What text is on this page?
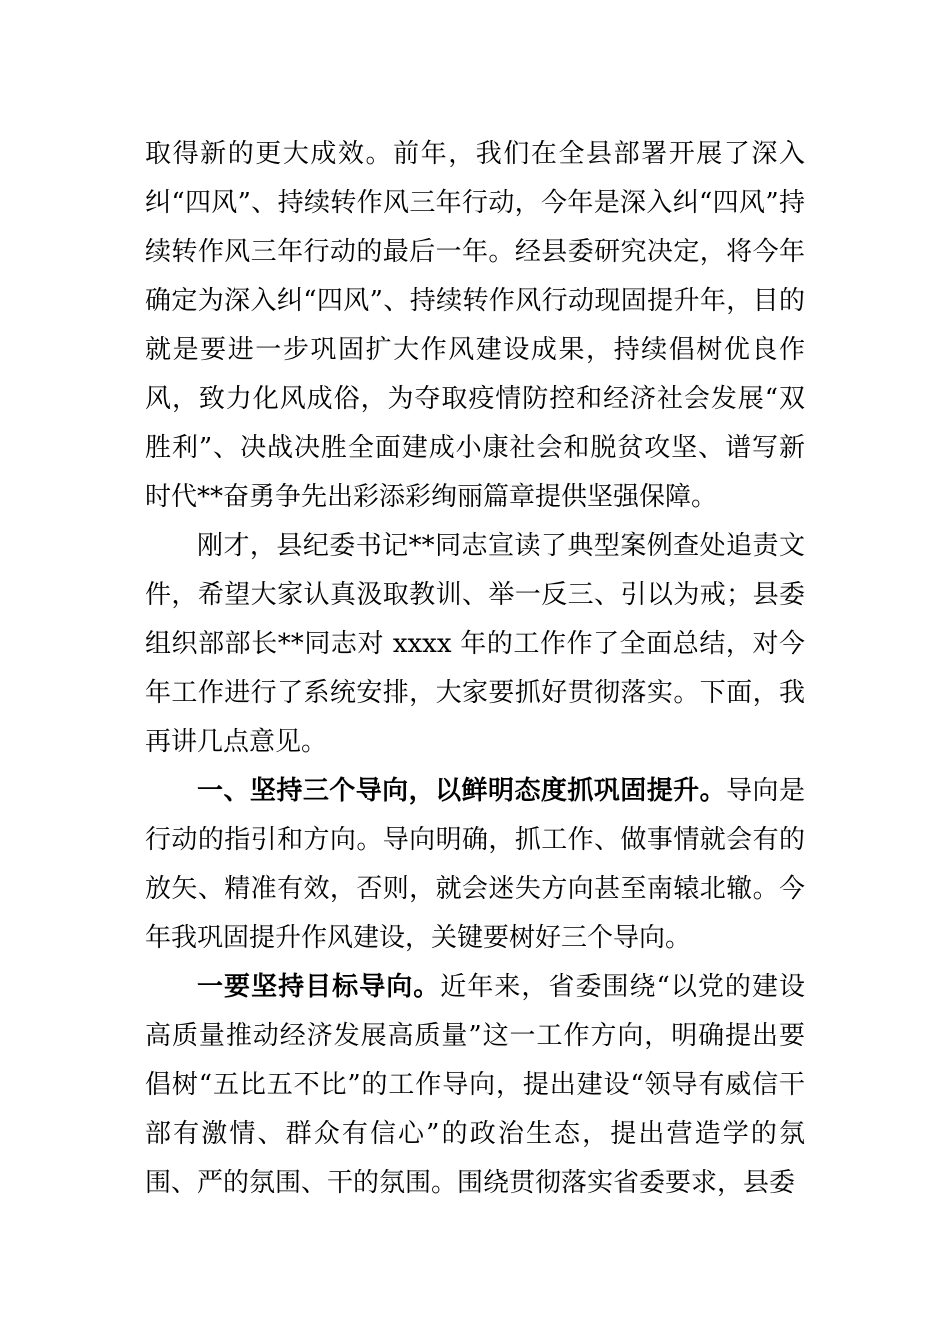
取得新的更大成效。前年，我们在全县部署开展了深入纠“四风”、持续转作风三年行动，今年是深入纠“四风”持续转作风三年行动的最后一年。经县委研究决定，将今年确定为深入纠“四风”、持续转作风行动现固提升年，目的就是要进一步巩固扩大作风建设成果，持续倡树优良作风，致力化风成俗，为夺取疫情防控和经济社会发展“双胜利”、决战决胜全面建成小康社会和脱贫攻坚、谱写新时代**奋勇争先出彩添彩绚丽篇章提供坚强保障。

刚才，县纪委书记**同志宣读了典型案例查处追责文件，希望大家认真汲取教训、举一反三、引以为戒；县委组织部部长**同志对 xxxx 年的工作作了全面总结，对今年工作进行了系统安排，大家要抓好贯彻落实。下面，我再讲几点意见。

一、坚持三个导向，以鲜明态度抓巩固提升。导向是行动的指引和方向。导向明确，抓工作、做事情就会有的放矢、精准有效，否则，就会迷失方向甚至南辕北辙。今年我巩固提升作风建设，关键要树好三个导向。

一要坚持目标导向。近年来，省委围绕“以党的建设高质量推动经济发展高质量”这一工作方向，明确提出要倡树“五比五不比”的工作导向，提出建设“领导有威信干部有激情、群众有信心”的政治生态，提出营造学的氛围、严的氛围、干的氛围。围绕贯彻落实省委要求，县委
